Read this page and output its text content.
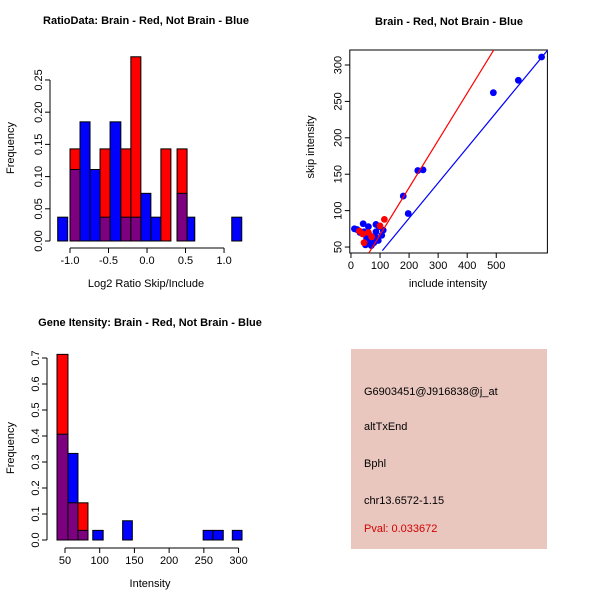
-1.0 -0.5 0.0 0.5 1.0
0.00
0.05
0.10
0.15
0.20
0.25
RatioData: Brain - Red, Not Brain - Blue
Log2 Ratio Skip/Include
Frequency
0 100 200 300 400 500
50
100
150
200
250
300
Brain - Red, Not Brain - Blue
include intensity
skip intensity
50 100 150 200 250 300
0.0
0.1
0.2
0.3
0.4
0.5
0.6
0.7
Gene Itensity: Brain - Red, Not Brain - Blue
Intensity
Frequency
G6903451@J916838@j_at
altTxEnd
Bphl
chr13.6572-1.15
Pval: 0.033672
